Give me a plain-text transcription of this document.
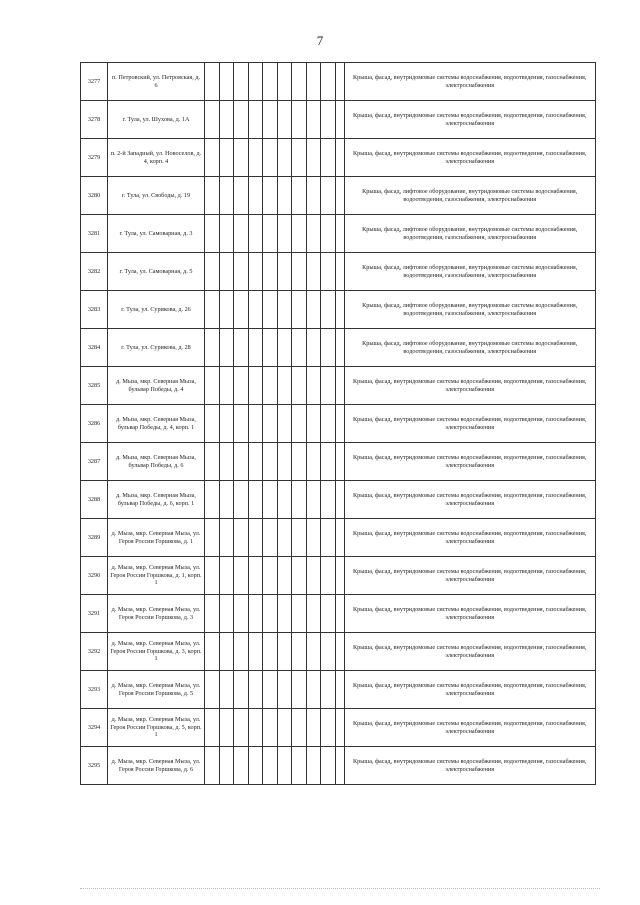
7
3277	п. Петровский, ул. Петровская, д. 6											Крыша, фасад, внутридомовые системы водоснабжения, водоотведения, газоснабжения, электроснабжения
3278	г. Тула, ул. Шухова, д. 1А											Крыша, фасад, внутридомовые системы водоснабжения, водоотведения, газоснабжения, электроснабжения
3279	п. 2-й Западный, ул. Новоселов, д. 4, корп. 4											Крыша, фасад, внутридомовые системы водоснабжения, водоотведения, газоснабжения, электроснабжения
3280	г. Тула, ул. Свободы, д. 19											Крыша, фасад, лифтовое оборудование, внутридомовые системы водоснабжения, водоотведения, газоснабжения, электроснабжения
3281	г. Тула, ул. Самоварная, д. 3											Крыша, фасад, лифтовое оборудование, внутридомовые системы водоснабжения, водоотведения, газоснабжения, электроснабжения
3282	г. Тула, ул. Самоварная, д. 5											Крыша, фасад, лифтовое оборудование, внутридомовые системы водоснабжения, водоотведения, газоснабжения, электроснабжения
3283	г. Тула, ул. Сурикова, д. 26											Крыша, фасад, лифтовое оборудование, внутридомовые системы водоснабжения, водоотведения, газоснабжения, электроснабжения
3284	г. Тула, ул. Сурикова, д. 28											Крыша, фасад, лифтовое оборудование, внутридомовые системы водоснабжения, водоотведения, газоснабжения, электроснабжения
3285	д. Мыза, мкр. Северная Мыза, бульвар Победы, д. 4											Крыша, фасад, внутридомовые системы водоснабжения, водоотведения, газоснабжения, электроснабжения
3286	д. Мыза, мкр. Северная Мыза, бульвар Победы, д. 4, корп. 1											Крыша, фасад, внутридомовые системы водоснабжения, водоотведения, газоснабжения, электроснабжения
3287	д. Мыза, мкр. Северная Мыза, бульвар Победы, д. 6											Крыша, фасад, внутридомовые системы водоснабжения, водоотведения, газоснабжения, электроснабжения
3288	д. Мыза, мкр. Северная Мыза, бульвар Победы, д. 6, корп. 1											Крыша, фасад, внутридомовые системы водоснабжения, водоотведения, газоснабжения, электроснабжения
3289	д. Мыза, мкр. Северная Мыза, ул. Героя России Горшкова, д. 1											Крыша, фасад, внутридомовые системы водоснабжения, водоотведения, газоснабжения, электроснабжения
3290	д. Мыза, мкр. Северная Мыза, ул. Героя России Горшкова, д. 1, корп. 1											Крыша, фасад, внутридомовые системы водоснабжения, водоотведения, газоснабжения, электроснабжения
3291	д. Мыза, мкр. Северная Мыза, ул. Героя России Горшкова, д. 3											Крыша, фасад, внутридомовые системы водоснабжения, водоотведения, газоснабжения, электроснабжения
3292	д. Мыза, мкр. Северная Мыза, ул. Героя России Горшкова, д. 3, корп. 1											Крыша, фасад, внутридомовые системы водоснабжения, водоотведения, газоснабжения, электроснабжения
3293	д. Мыза, мкр. Северная Мыза, ул. Героя России Горшкова, д. 5											Крыша, фасад, внутридомовые системы водоснабжения, водоотведения, газоснабжения, электроснабжения
3294	д. Мыза, мкр. Северная Мыза, ул. Героя России Горшкова, д. 5, корп. 1											Крыша, фасад, внутридомовые системы водоснабжения, водоотведения, газоснабжения, электроснабжения
3295	д. Мыза, мкр. Северная Мыза, ул. Героя России Горшкова, д. 6											Крыша, фасад, внутридомовые системы водоснабжения, водоотведения, газоснабжения, электроснабжения
